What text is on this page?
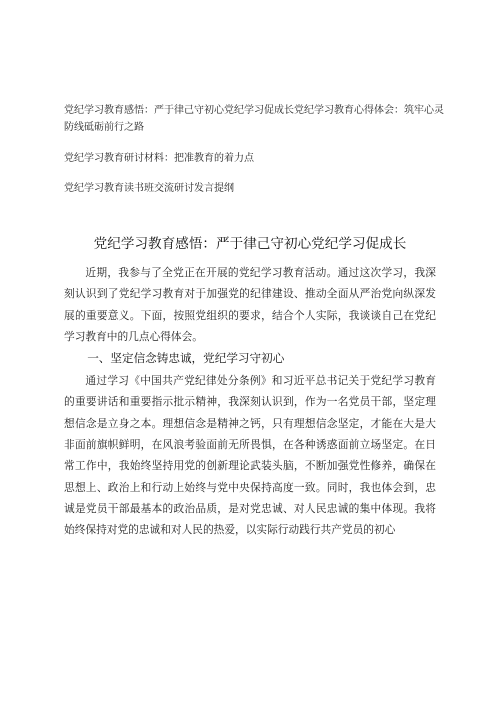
党纪学习教育感悟：严于律己守初心党纪学习促成长党纪学习教育心得体会：筑牢心灵防线砥砺前行之路

党纪学习教育研讨材料：把准教育的着力点

党纪学习教育读书班交流研讨发言提纲

党纪学习教育感悟：严于律己守初心党纪学习促成长

近期，我参与了全党正在开展的党纪学习教育活动。通过这次学习，我深刻认识到了党纪学习教育对于加强党的纪律建设、推动全面从严治党向纵深发展的重要意义。下面，按照党组织的要求，结合个人实际，我谈谈自己在党纪学习教育中的几点心得体会。

一、坚定信念铸忠诚，党纪学习守初心

通过学习《中国共产党纪律处分条例》和习近平总书记关于党纪学习教育的重要讲话和重要指示批示精神，我深刻认识到，作为一名党员干部，坚定理想信念是立身之本。理想信念是精神之钙，只有理想信念坚定，才能在大是大非面前旗帜鲜明，在风浪考验面前无所畏惧，在各种诱惑面前立场坚定。在日常工作中，我始终坚持用党的创新理论武装头脑，不断加强党性修养，确保在思想上、政治上和行动上始终与党中央保持高度一致。同时，我也体会到，忠诚是党员干部最基本的政治品质，是对党忠诚、对人民忠诚的集中体现。我将始终保持对党的忠诚和对人民的热爱，以实际行动践行共产党员的初心
